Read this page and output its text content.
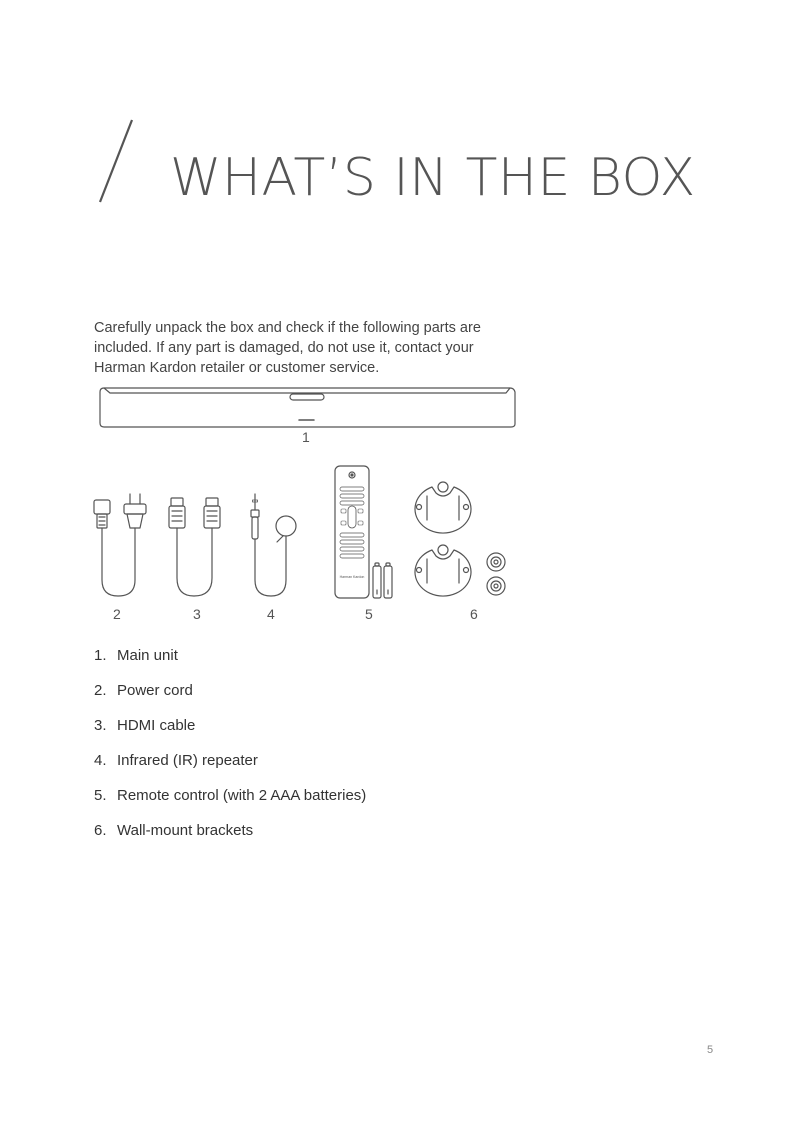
WHAT’S IN THE BOX

Carefully unpack the box and check if the following parts are
included. If any part is damaged, do not use it, contact your
Harman Kardon retailer or customer service.

1
2	3	4
Harman Kardon
5	6
1. Main unit
2. Power cord
3. HDMI cable
4. Infrared (IR) repeater
5. Remote control (with 2 AAA batteries)
6. Wall-mount brackets
5
